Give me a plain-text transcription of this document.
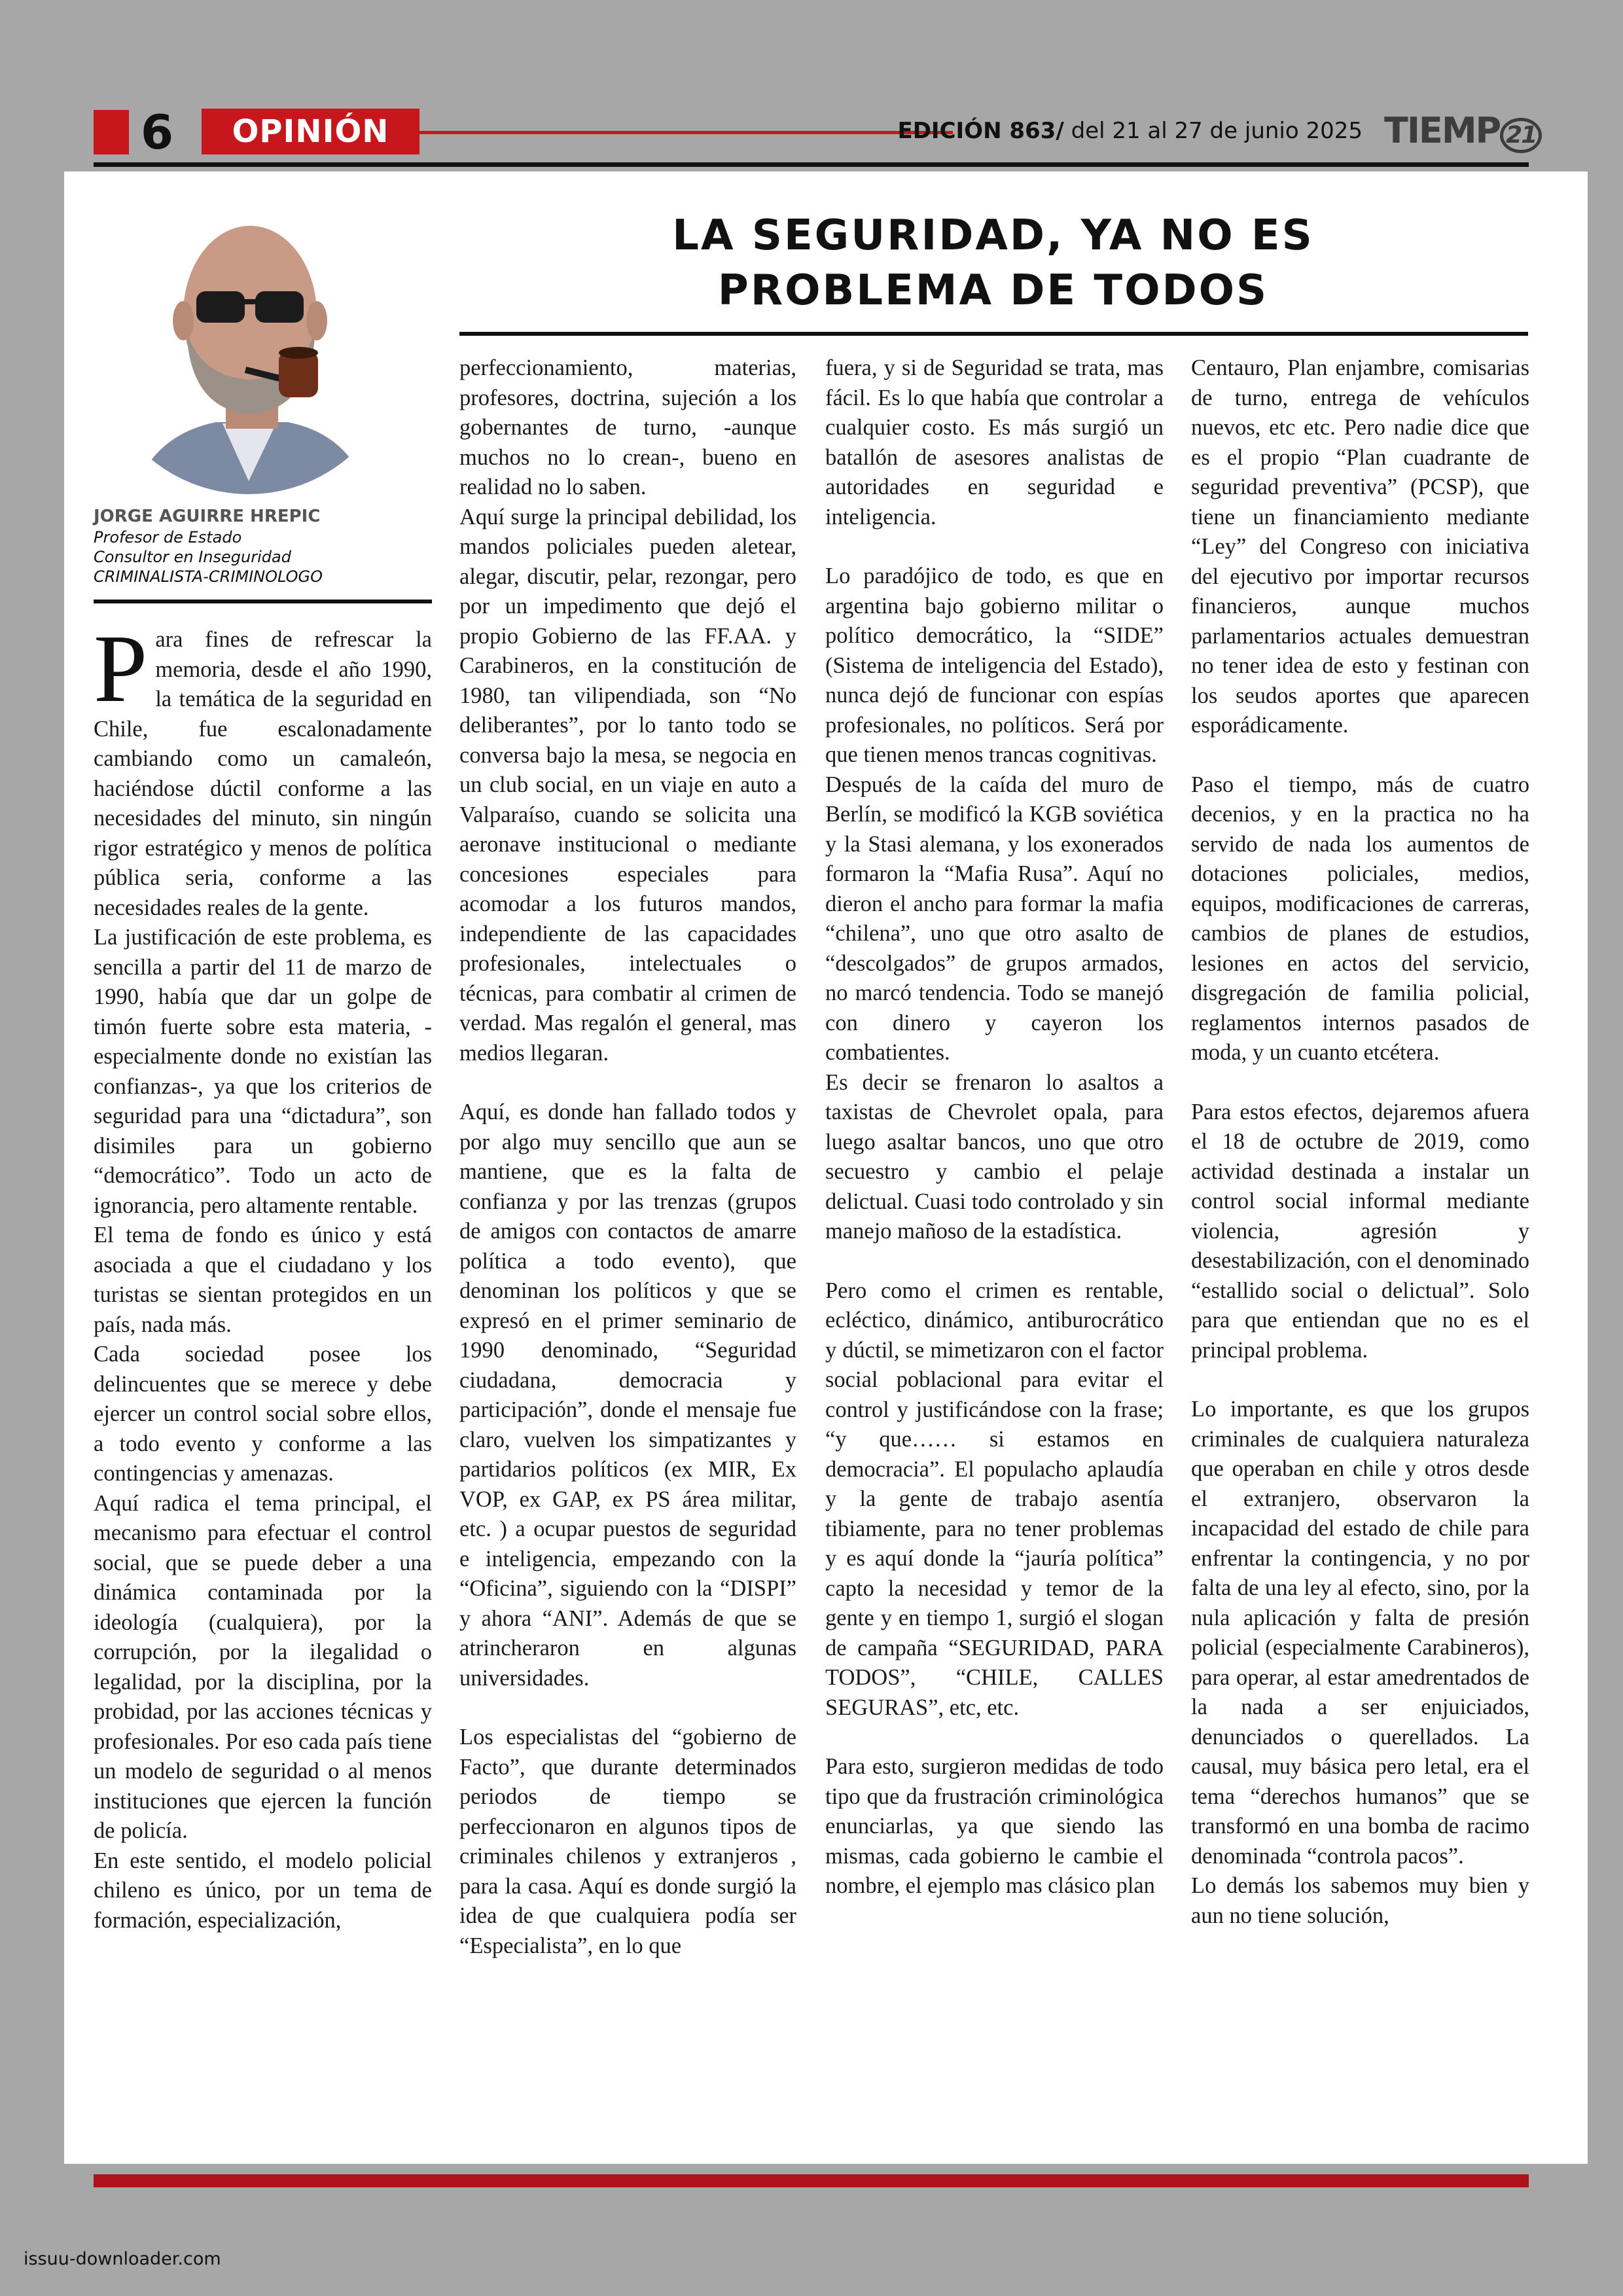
6	OPINIÓN	EDICIÓN 863/ del 21 al 27 de junio 2025 TIEMP 21
JORGE AGUIRRE HREPIC
Profesor de Estado
Consultor en Inseguridad
CRIMINALISTA-CRIMINOLOGO
LA SEGURIDAD, YA NO ES
PROBLEMA DE TODOS

Para fines de refrescar la memoria, desde el año 1990, la temática de la seguridad en Chile, fue escalonadamente cambiando como un camaleón, haciéndose dúctil conforme a las necesidades del minuto, sin ningún rigor estratégico y menos de política pública seria, conforme a las necesidades reales de la gente.

La justificación de este problema, es sencilla a partir del 11 de marzo de 1990, había que dar un golpe de timón fuerte sobre esta materia, -especialmente donde no existían las confianzas-, ya que los criterios de seguridad para una “dictadura”, son disimiles para un gobierno “democrático”. Todo un acto de ignorancia, pero altamente rentable.

El tema de fondo es único y está asociada a que el ciudadano y los turistas se sientan protegidos en un país, nada más.

Cada sociedad posee los delincuentes que se merece y debe ejercer un control social sobre ellos, a todo evento y conforme a las contingencias y amenazas.

Aquí radica el tema principal, el mecanismo para efectuar el control social, que se puede deber a una dinámica contaminada por la ideología (cualquiera), por la corrupción, por la ilegalidad o legalidad, por la disciplina, por la probidad, por las acciones técnicas y profesionales. Por eso cada país tiene un modelo de seguridad o al menos instituciones que ejercen la función de policía.

En este sentido, el modelo policial chileno es único, por un tema de formación, especialización,

perfeccionamiento, materias, profesores, doctrina, sujeción a los gobernantes de turno, -aunque muchos no lo crean-, bueno en realidad no lo saben.

Aquí surge la principal debilidad, los mandos policiales pueden aletear, alegar, discutir, pelar, rezongar, pero por un impedimento que dejó el propio Gobierno de las FF.AA. y Carabineros, en la constitución de 1980, tan vilipendiada, son “No deliberantes”, por lo tanto todo se conversa bajo la mesa, se negocia en un club social, en un viaje en auto a Valparaíso, cuando se solicita una aeronave institucional o mediante concesiones especiales para acomodar a los futuros mandos, independiente de las capacidades profesionales, intelectuales o técnicas, para combatir al crimen de verdad. Mas regalón el general, mas medios llegaran.

Aquí, es donde han fallado todos y por algo muy sencillo que aun se mantiene, que es la falta de confianza y por las trenzas (grupos de amigos con contactos de amarre política a todo evento), que denominan los políticos y que se expresó en el primer seminario de 1990 denominado, “Seguridad ciudadana, democracia y participación”, donde el mensaje fue claro, vuelven los simpatizantes y partidarios políticos (ex MIR, Ex VOP, ex GAP, ex PS área militar, etc. ) a ocupar puestos de seguridad e inteligencia, empezando con la “Oficina”, siguiendo con la “DISPI” y ahora “ANI”. Además de que se atrincheraron en algunas universidades.

Los especialistas del “gobierno de Facto”, que durante determinados periodos de tiempo se perfeccionaron en algunos tipos de criminales chilenos y extranjeros , para la casa. Aquí es donde surgió la idea de que cualquiera podía ser “Especialista”, en lo que

fuera, y si de Seguridad se trata, mas fácil. Es lo que había que controlar a cualquier costo. Es más surgió un batallón de asesores analistas de autoridades en seguridad e inteligencia.

Lo paradójico de todo, es que en argentina bajo gobierno militar o político democrático, la “SIDE” (Sistema de inteligencia del Estado), nunca dejó de funcionar con espías profesionales, no políticos. Será por que tienen menos trancas cognitivas.

Después de la caída del muro de Berlín, se modificó la KGB soviética y la Stasi alemana, y los exonerados formaron la “Mafia Rusa”. Aquí no dieron el ancho para formar la mafia “chilena”, uno que otro asalto de “descolgados” de grupos armados, no marcó tendencia. Todo se manejó con dinero y cayeron los combatientes.

Es decir se frenaron lo asaltos a taxistas de Chevrolet opala, para luego asaltar bancos, uno que otro secuestro y cambio el pelaje delictual. Cuasi todo controlado y sin manejo mañoso de la estadística.

Pero como el crimen es rentable, ecléctico, dinámico, antiburocrático y dúctil, se mimetizaron con el factor social poblacional para evitar el control y justificándose con la frase; “y que…… si estamos en democracia”. El populacho aplaudía y la gente de trabajo asentía tibiamente, para no tener problemas y es aquí donde la “jauría política” capto la necesidad y temor de la gente y en tiempo 1, surgió el slogan de campaña “SEGURIDAD, PARA TODOS”, “CHILE, CALLES SEGURAS”, etc, etc.

Para esto, surgieron medidas de todo tipo que da frustración criminológica enunciarlas, ya que siendo las mismas, cada gobierno le cambie el nombre, el ejemplo mas clásico plan

Centauro, Plan enjambre, comisarias de turno, entrega de vehículos nuevos, etc etc. Pero nadie dice que es el propio “Plan cuadrante de seguridad preventiva” (PCSP), que tiene un financiamiento mediante “Ley” del Congreso con iniciativa del ejecutivo por importar recursos financieros, aunque muchos parlamentarios actuales demuestran no tener idea de esto y festinan con los seudos aportes que aparecen esporádicamente.

Paso el tiempo, más de cuatro decenios, y en la practica no ha servido de nada los aumentos de dotaciones policiales, medios, equipos, modificaciones de carreras, cambios de planes de estudios, lesiones en actos del servicio, disgregación de familia policial, reglamentos internos pasados de moda, y un cuanto etcétera.

Para estos efectos, dejaremos afuera el 18 de octubre de 2019, como actividad destinada a instalar un control social informal mediante violencia, agresión y desestabilización, con el denominado “estallido social o delictual”. Solo para que entiendan que no es el principal problema.

Lo importante, es que los grupos criminales de cualquiera naturaleza que operaban en chile y otros desde el extranjero, observaron la incapacidad del estado de chile para enfrentar la contingencia, y no por falta de una ley al efecto, sino, por la nula aplicación y falta de presión policial (especialmente Carabineros), para operar, al estar amedrentados de la nada a ser enjuiciados, denunciados o querellados. La causal, muy básica pero letal, era el tema “derechos humanos” que se transformó en una bomba de racimo denominada “controla pacos”.

Lo demás los sabemos muy bien y aun no tiene solución,

issuu-downloader.com
